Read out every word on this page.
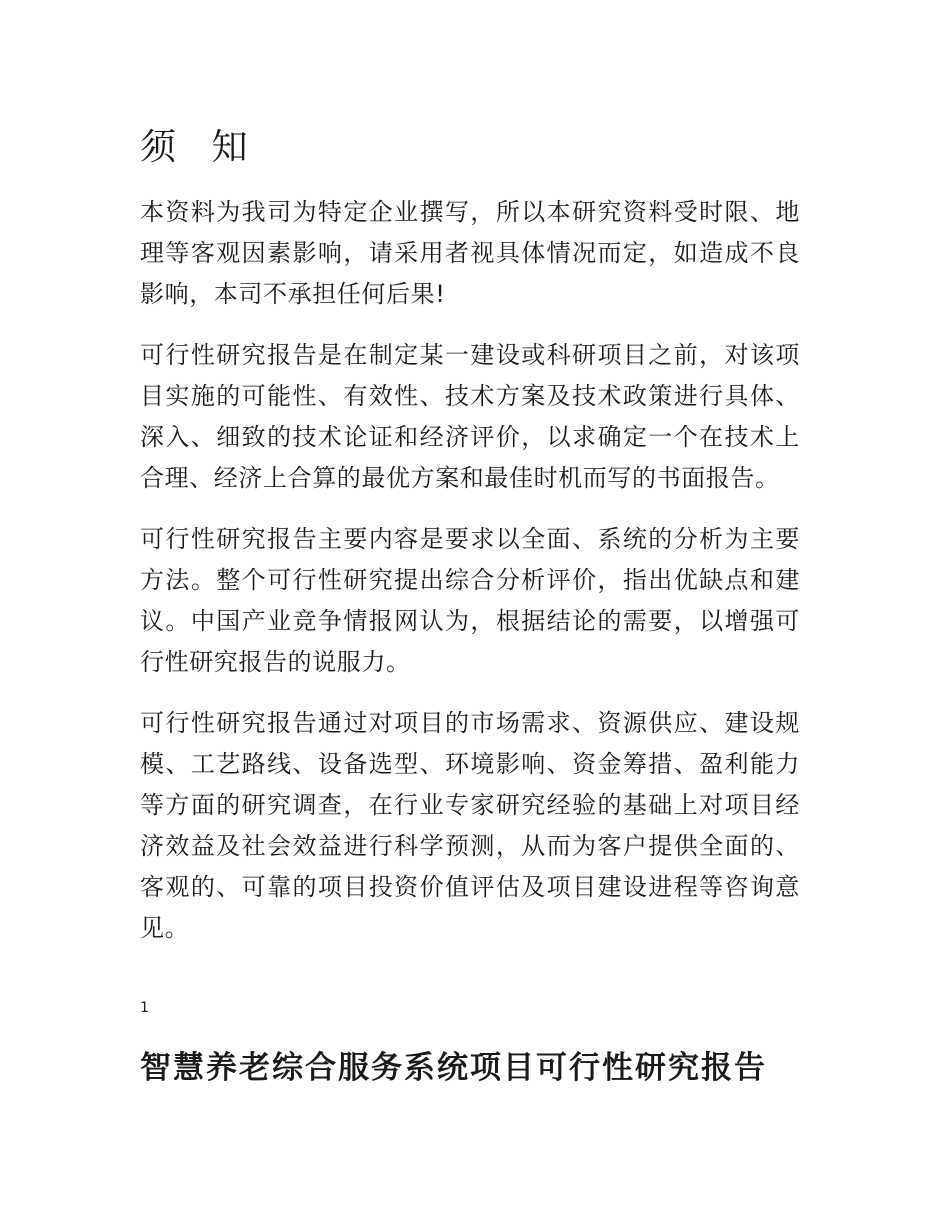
须 知

本资料为我司为特定企业撰写，所以本研究资料受时限、地理等客观因素影响，请采用者视具体情况而定，如造成不良影响，本司不承担任何后果!

可行性研究报告是在制定某一建设或科研项目之前，对该项目实施的可能性、有效性、技术方案及技术政策进行具体、深入、细致的技术论证和经济评价，以求确定一个在技术上合理、经济上合算的最优方案和最佳时机而写的书面报告。

可行性研究报告主要内容是要求以全面、系统的分析为主要方法。整个可行性研究提出综合分析评价，指出优缺点和建议。中国产业竞争情报网认为，根据结论的需要，以增强可行性研究报告的说服力。

可行性研究报告通过对项目的市场需求、资源供应、建设规模、工艺路线、设备选型、环境影响、资金筹措、盈利能力等方面的研究调查，在行业专家研究经验的基础上对项目经济效益及社会效益进行科学预测，从而为客户提供全面的、客观的、可靠的项目投资价值评估及项目建设进程等咨询意见。

1
智慧养老综合服务系统项目可行性研究报告
